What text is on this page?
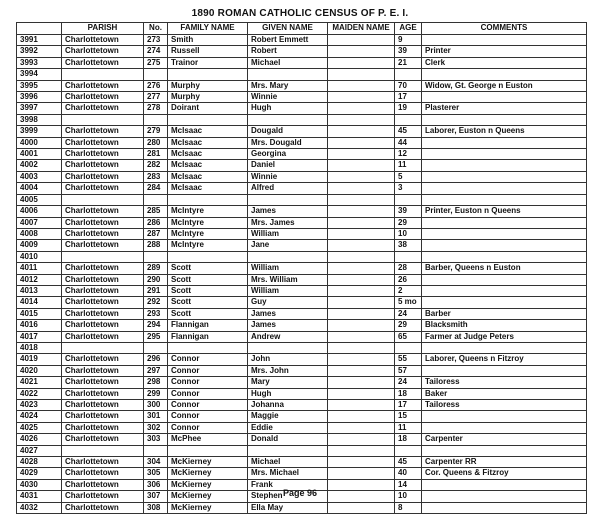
1890 ROMAN CATHOLIC CENSUS OF P. E. I.
	PARISH	No.	FAMILY NAME	GIVEN NAME	MAIDEN NAME	AGE	COMMENTS
3991	Charlottetown	273	Smith	Robert Emmett		9	
3992	Charlottetown	274	Russell	Robert		39	Printer
3993	Charlottetown	275	Trainor	Michael		21	Clerk
3994							
3995	Charlottetown	276	Murphy	Mrs. Mary		70	Widow, Gt. George n Euston
3996	Charlottetown	277	Murphy	Winnie		17	
3997	Charlottetown	278	Doirant	Hugh		19	Plasterer
3998							
3999	Charlottetown	279	McIsaac	Dougald		45	Laborer, Euston n Queens
4000	Charlottetown	280	McIsaac	Mrs. Dougald		44	
4001	Charlottetown	281	McIsaac	Georgina		12	
4002	Charlottetown	282	McIsaac	Daniel		11	
4003	Charlottetown	283	McIsaac	Winnie		5	
4004	Charlottetown	284	McIsaac	Alfred		3	
4005							
4006	Charlottetown	285	McIntyre	James		39	Printer, Euston n Queens
4007	Charlottetown	286	McIntyre	Mrs. James		29	
4008	Charlottetown	287	McIntyre	William		10	
4009	Charlottetown	288	McIntyre	Jane		38	
4010							
4011	Charlottetown	289	Scott	William		28	Barber, Queens n Euston
4012	Charlottetown	290	Scott	Mrs. William		26	
4013	Charlottetown	291	Scott	William		2	
4014	Charlottetown	292	Scott	Guy		5 mo	
4015	Charlottetown	293	Scott	James		24	Barber
4016	Charlottetown	294	Flannigan	James		29	Blacksmith
4017	Charlottetown	295	Flannigan	Andrew		65	Farmer at Judge Peters
4018							
4019	Charlottetown	296	Connor	John		55	Laborer, Queens n Fitzroy
4020	Charlottetown	297	Connor	Mrs. John		57	
4021	Charlottetown	298	Connor	Mary		24	Tailoress
4022	Charlottetown	299	Connor	Hugh		18	Baker
4023	Charlottetown	300	Connor	Johanna		17	Tailoress
4024	Charlottetown	301	Connor	Maggie		15	
4025	Charlottetown	302	Connor	Eddie		11	
4026	Charlottetown	303	McPhee	Donald		18	Carpenter
4027							
4028	Charlottetown	304	McKierney	Michael		45	Carpenter RR
4029	Charlottetown	305	McKierney	Mrs. Michael		40	Cor. Queens & Fitzroy
4030	Charlottetown	306	McKierney	Frank		14	
4031	Charlottetown	307	McKierney	Stephen		10	
4032	Charlottetown	308	McKierney	Ella May		8	
Page 96
